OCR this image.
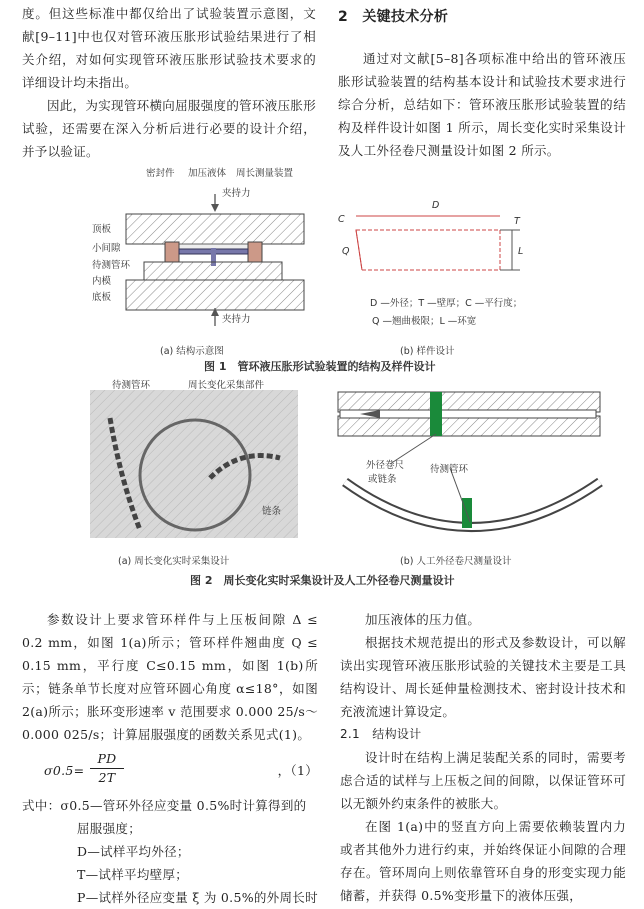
度。但这些标准中都仅给出了试验装置示意图，文献[9–11]中也仅对管环液压胀形试验结果进行了相关介绍，对如何实现管环液压胀形试验技术要求的详细设计均未指出。

因此，为实现管环横向屈服强度的管环液压胀形试验，还需要在深入分析后进行必要的设计介绍，并予以验证。

2　关键技术分析

通过对文献[5–8]各项标准中给出的管环液压胀形试验装置的结构基本设计和试验技术要求进行综合分析，总结如下：管环液压胀形试验装置的结构及样件设计如图 1 所示，周长变化实时采集设计及人工外径卷尺测量设计如图 2 所示。

密封件 加压液体 周长测量装置
夹持力
顶板
小间隙
待测管环
内模
底板
夹持力
(a) 结构示意图
D
T
C
L
Q
D —外径；T —壁厚；C —平行度；
Q —翘曲极限；L —环宽
(b) 样件设计
图 1　管环液压胀形试验装置的结构及样件设计
待测管环	周长变化采集部件
链条
外径卷尺
或链条
待测管环
(a) 周长变化实时采集设计	(b) 人工外径卷尺测量设计
图 2　周长变化实时采集设计及人工外径卷尺测量设计

参数设计上要求管环样件与上压板间隙 Δ ≤ 0.2 mm，如图 1(a)所示；管环样件翘曲度 Q ≤ 0.15 mm，平行度 C≤0.15 mm，如图 1(b)所示；链条单节长度对应管环圆心角度 α≤18°，如图 2(a)所示；胀环变形速率 v 范围要求 0.000 25/s～0.000 025/s；计算屈服强度的函数关系见式(1)。

$\sigma 0.5= \frac{PD}{2T}$	，（1）

式中：σ0.5—管环外径应变量 0.5%时计算得到的

屈服强度；
D—试样平均外径；
T—试样平均壁厚；
P—试样外径应变量 ξ 为 0.5%的外周长时

加压液体的压力值。

根据技术规范提出的形式及参数设计，可以解读出实现管环液压胀形试验的关键技术主要是工具结构设计、周长延伸量检测技术、密封设计技术和充液流速计算设定。

2.1　结构设计

设计时在结构上满足装配关系的同时，需要考虑合适的试样与上压板之间的间隙，以保证管环可以无额外约束条件的被胀大。

在图 1(a)中的竖直方向上需要依赖装置内力或者其他外力进行约束，并始终保证小间隙的合理存在。管环周向上则依靠管环自身的形变实现力能储蓄，并获得 0.5%变形量下的液体压强，
